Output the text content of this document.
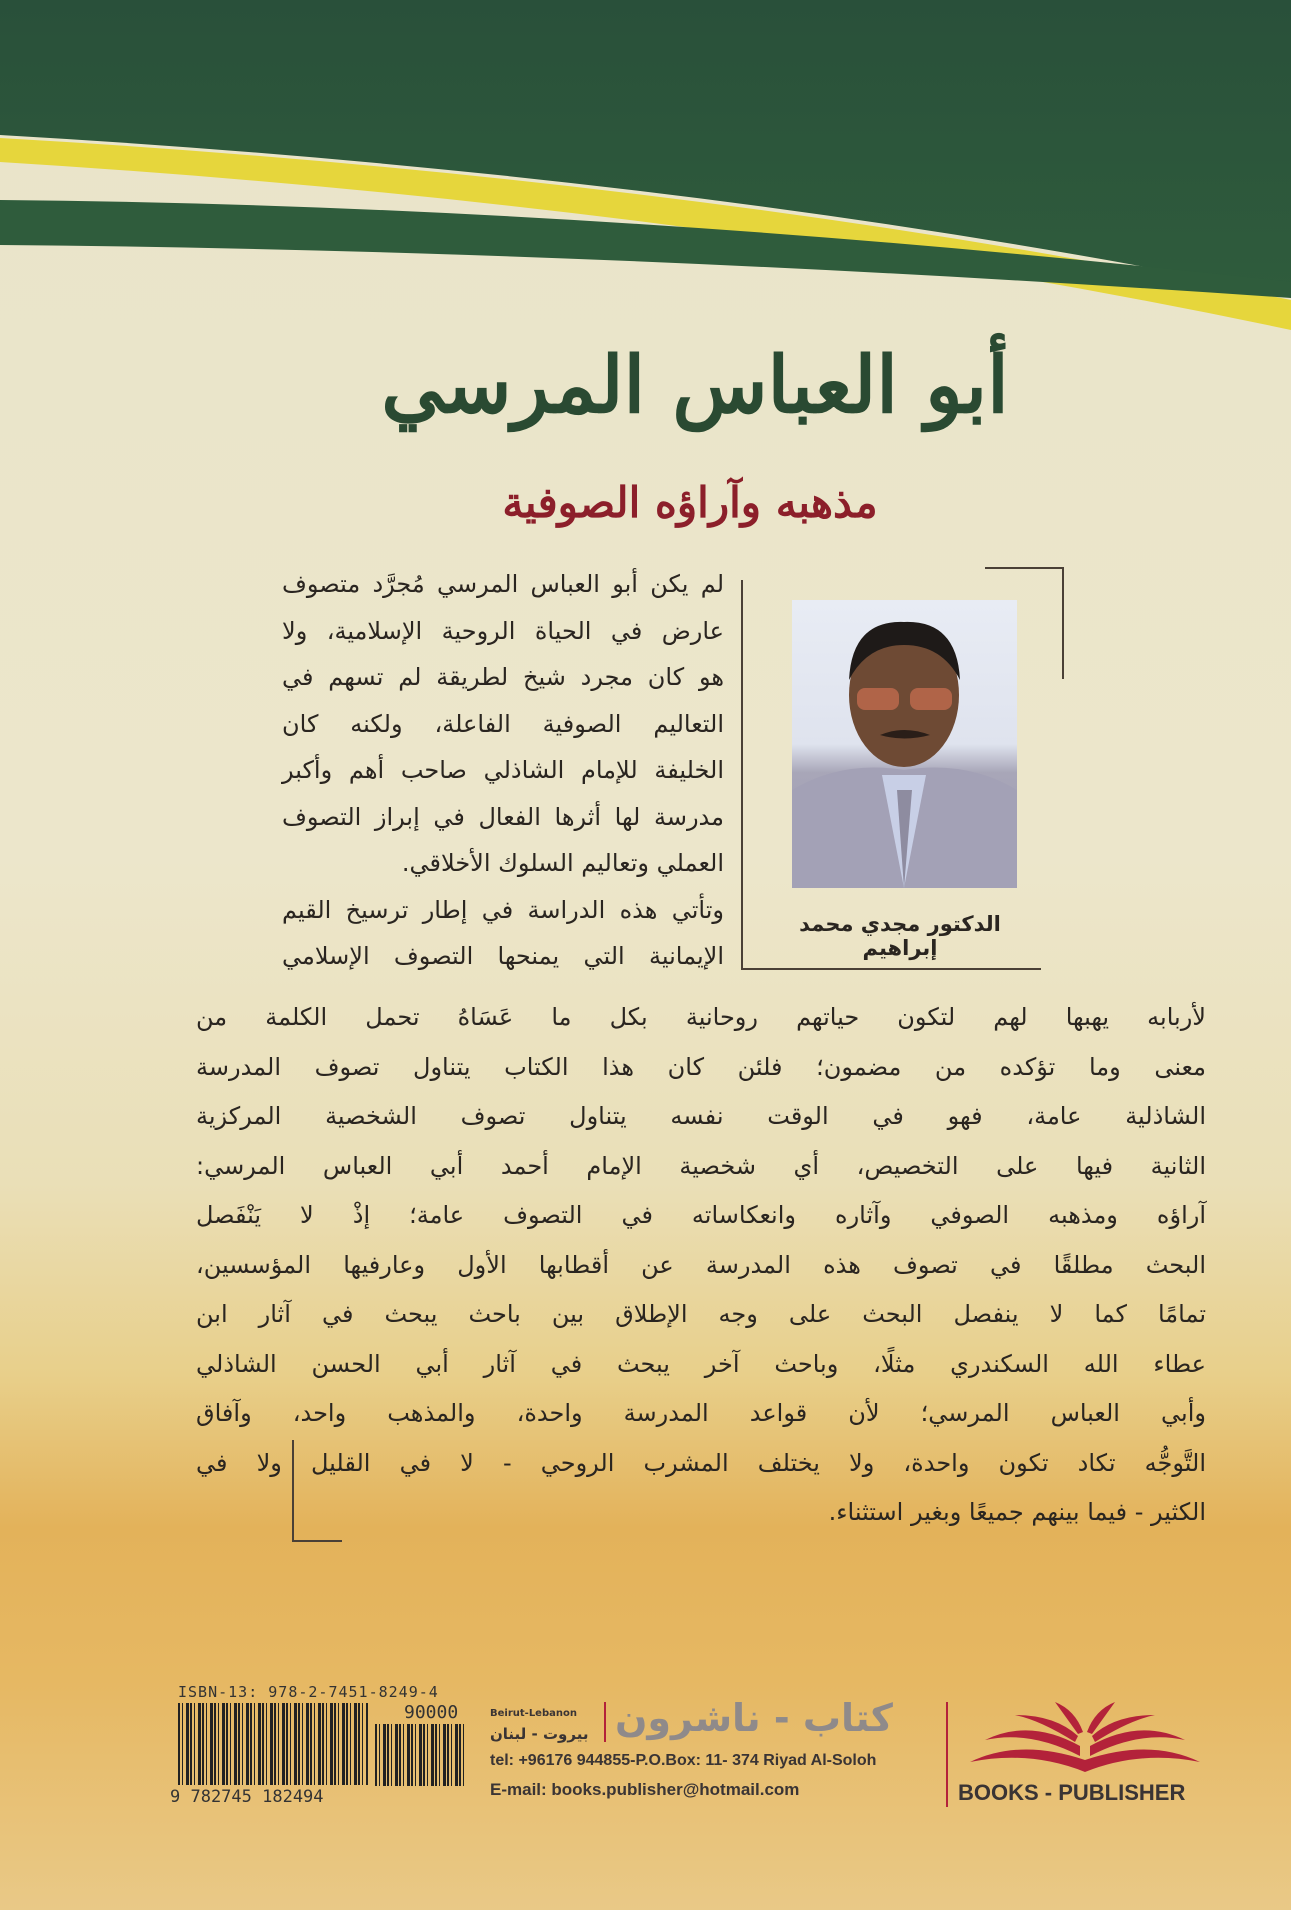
أبو العباس المرسي
مذهبه وآراؤه الصوفية
الدكتور مجدي محمد إبراهيم
لم يكن أبو العباس المرسي مُجرَّد متصوف
عارض في الحياة الروحية الإسلامية، ولا
هو كان مجرد شيخ لطريقة لم تسهم في
التعاليم الصوفية الفاعلة، ولكنه كان
الخليفة للإمام الشاذلي صاحب أهم وأكبر
مدرسة لها أثرها الفعال في إبراز التصوف
العملي وتعاليم السلوك الأخلاقي.
وتأتي هذه الدراسة في إطار ترسيخ القيم
الإيمانية التي يمنحها التصوف الإسلامي
لأربابه يهبها لهم لتكون حياتهم روحانية بكل ما عَسَاهُ تحمل الكلمة من
معنى وما تؤكده من مضمون؛ فلئن كان هذا الكتاب يتناول تصوف المدرسة
الشاذلية عامة، فهو في الوقت نفسه يتناول تصوف الشخصية المركزية
الثانية فيها على التخصيص، أي شخصية الإمام أحمد أبي العباس المرسي:
آراؤه ومذهبه الصوفي وآثاره وانعكاساته في التصوف عامة؛ إذْ لا يَنْفَصل
البحث مطلقًا في تصوف هذه المدرسة عن أقطابها الأول وعارفيها المؤسسين،
تمامًا كما لا ينفصل البحث على وجه الإطلاق بين باحث يبحث في آثار ابن
عطاء الله السكندري مثلًا، وباحث آخر يبحث في آثار أبي الحسن الشاذلي
وأبي العباس المرسي؛ لأن قواعد المدرسة واحدة، والمذهب واحد، وآفاق
التَّوجُّه تكاد تكون واحدة، ولا يختلف المشرب الروحي - لا في القليل ولا في
الكثير - فيما بينهم جميعًا وبغير استثناء.
ISBN-13: 978-2-7451-8249-4
90000
9 782745 182494
Beirut-Lebanon
بيروت - لبنان كتاب - ناشرون
tel: +96176 944855-P.O.Box: 11- 374 Riyad Al-Soloh
E-mail: books.publisher@hotmail.com	BOOKS - PUBLISHER
